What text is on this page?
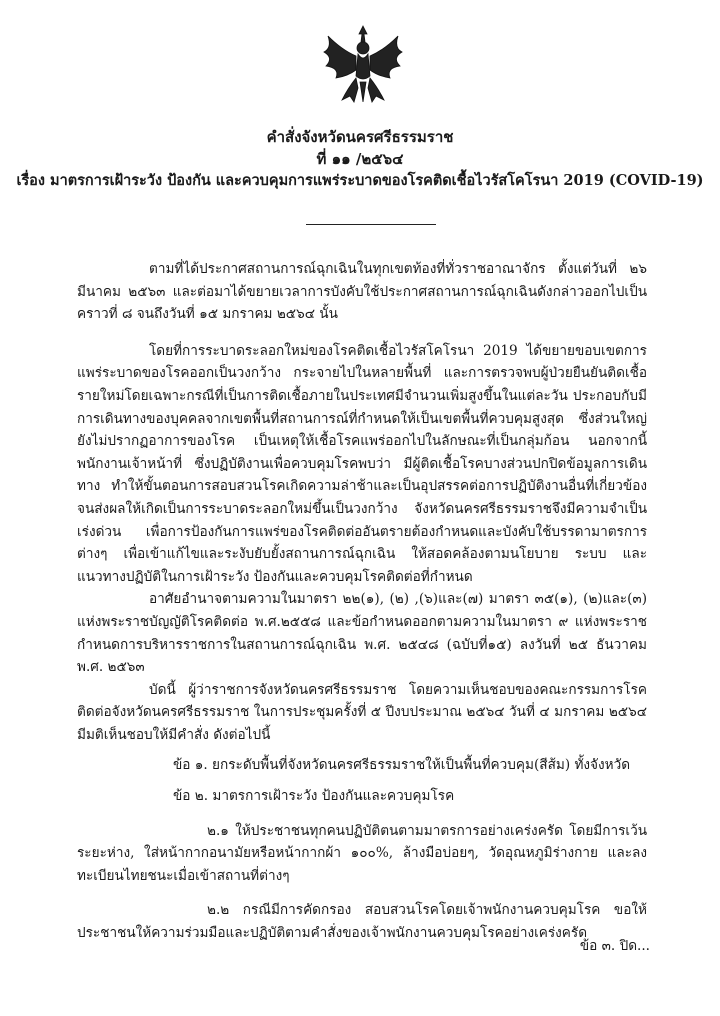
คำสั่งจังหวัดนครศรีธรรมราช
ที่ ๑๑ /๒๕๖๔
เรื่อง มาตรการเฝ้าระวัง ป้องกัน และควบคุมการแพร่ระบาดของโรคติดเชื้อไวรัสโคโรนา 2019 (COVID-19)

ตามที่ได้ประกาศสถานการณ์ฉุกเฉินในทุกเขตท้องที่ทั่วราชอาณาจักร ตั้งแต่วันที่ ๒๖ มีนาคม ๒๕๖๓ และต่อมาได้ขยายเวลาการบังคับใช้ประกาศสถานการณ์ฉุกเฉินดังกล่าวออกไปเป็นคราวที่ ๘ จนถึงวันที่ ๑๕ มกราคม ๒๕๖๔ นั้น

โดยที่การระบาดระลอกใหม่ของโรคติดเชื้อไวรัสโคโรนา 2019 ได้ขยายขอบเขตการแพร่ระบาดของโรคออกเป็นวงกว้าง กระจายไปในหลายพื้นที่ และการตรวจพบผู้ป่วยยืนยันติดเชื้อรายใหม่โดยเฉพาะกรณีที่เป็นการติดเชื้อภายในประเทศมีจำนวนเพิ่มสูงขึ้นในแต่ละวัน ประกอบกับมีการเดินทางของบุคคลจากเขตพื้นที่สถานการณ์ที่กำหนดให้เป็นเขตพื้นที่ควบคุมสูงสุด ซึ่งส่วนใหญ่ยังไม่ปรากฏอาการของโรค เป็นเหตุให้เชื้อโรคแพร่ออกไปในลักษณะที่เป็นกลุ่มก้อน นอกจากนี้ พนักงานเจ้าหน้าที่ ซึ่งปฏิบัติงานเพื่อควบคุมโรคพบว่า มีผู้ติดเชื้อโรคบางส่วนปกปิดข้อมูลการเดินทาง ทำให้ขั้นตอนการสอบสวนโรคเกิดความล่าช้าและเป็นอุปสรรคต่อการปฏิบัติงานอื่นที่เกี่ยวข้อง จนส่งผลให้เกิดเป็นการระบาดระลอกใหม่ขึ้นเป็นวงกว้าง จังหวัดนครศรีธรรมราชจึงมีความจำเป็นเร่งด่วน เพื่อการป้องกันการแพร่ของโรคติดต่ออันตรายต้องกำหนดและบังคับใช้บรรดามาตรการต่างๆ เพื่อเข้าแก้ไขและระงับยับยั้งสถานการณ์ฉุกเฉิน ให้สอดคล้องตามนโยบาย ระบบ และแนวทางปฏิบัติในการเฝ้าระวัง ป้องกันและควบคุมโรคติดต่อที่กำหนด

อาศัยอำนาจตามความในมาตรา ๒๒(๑), (๒) ,(๖)และ(๗) มาตรา ๓๕(๑), (๒)และ(๓) แห่งพระราชบัญญัติโรคติดต่อ พ.ศ.๒๕๕๘ และข้อกำหนดออกตามความในมาตรา ๙ แห่งพระราชกำหนดการบริหารราชการในสถานการณ์ฉุกเฉิน พ.ศ. ๒๕๔๘ (ฉบับที่๑๕) ลงวันที่ ๒๕ ธันวาคม พ.ศ. ๒๕๖๓

บัดนี้ ผู้ว่าราชการจังหวัดนครศรีธรรมราช โดยความเห็นชอบของคณะกรรมการโรคติดต่อจังหวัดนครศรีธรรมราช ในการประชุมครั้งที่ ๕ ปีงบประมาณ ๒๕๖๔ วันที่ ๔ มกราคม ๒๕๖๔ มีมติเห็นชอบให้มีคำสั่ง ดังต่อไปนี้

ข้อ ๑. ยกระดับพื้นที่จังหวัดนครศรีธรรมราชให้เป็นพื้นที่ควบคุม(สีส้ม) ทั้งจังหวัด

ข้อ ๒. มาตรการเฝ้าระวัง ป้องกันและควบคุมโรค

๒.๑ ให้ประชาชนทุกคนปฏิบัติตนตามมาตรการอย่างเคร่งครัด โดยมีการเว้นระยะห่าง, ใส่หน้ากากอนามัยหรือหน้ากากผ้า ๑๐๐%, ล้างมือบ่อยๆ, วัดอุณหภูมิร่างกาย และลงทะเบียนไทยชนะเมื่อเข้าสถานที่ต่างๆ

๒.๒ กรณีมีการคัดกรอง สอบสวนโรคโดยเจ้าพนักงานควบคุมโรค ขอให้ประชาชนให้ความร่วมมือและปฏิบัติตามคำสั่งของเจ้าพนักงานควบคุมโรคอย่างเคร่งครัด

ข้อ ๓. ปิด...
